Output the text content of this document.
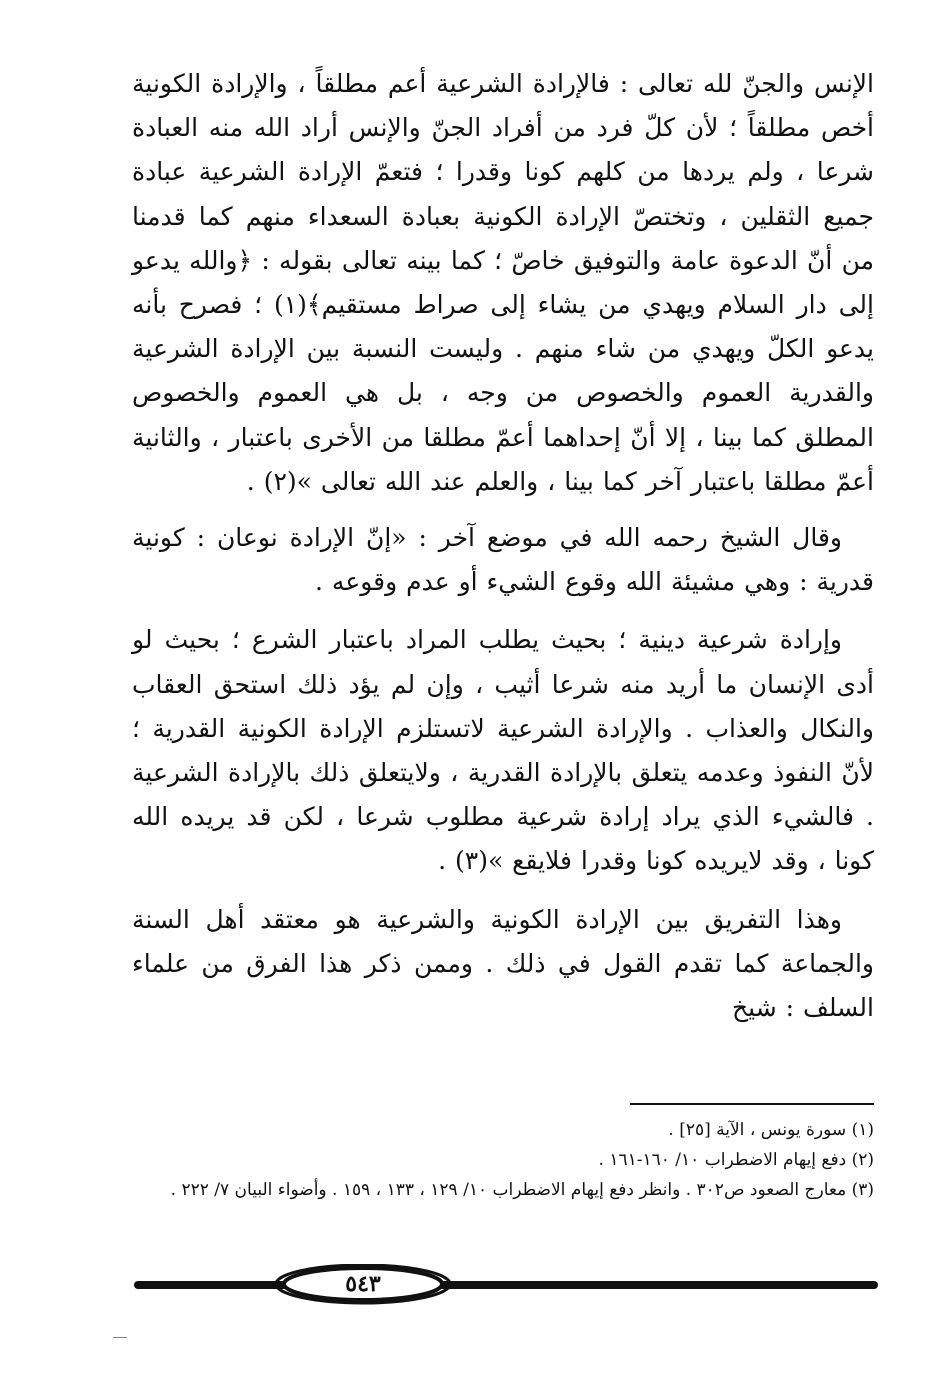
الإنس والجنّ لله تعالى : فالإرادة الشرعية أعم مطلقاً ، والإرادة الكونية أخص مطلقاً ؛ لأن كلّ فرد من أفراد الجنّ والإنس أراد الله منه العبادة شرعا ، ولم يردها من كلهم كونا وقدرا ؛ فتعمّ الإرادة الشرعية عبادة جميع الثقلين ، وتختصّ الإرادة الكونية بعبادة السعداء منهم كما قدمنا من أنّ الدعوة عامة والتوفيق خاصّ ؛ كما بينه تعالى بقوله : ﴿والله يدعو إلى دار السلام ويهدي من يشاء إلى صراط مستقيم﴾(١) ؛ فصرح بأنه يدعو الكلّ ويهدي من شاء منهم . وليست النسبة بين الإرادة الشرعية والقدرية العموم والخصوص من وجه ، بل هي العموم والخصوص المطلق كما بينا ، إلا أنّ إحداهما أعمّ مطلقا من الأخرى باعتبار ، والثانية أعمّ مطلقا باعتبار آخر كما بينا ، والعلم عند الله تعالى »(٢) .

وقال الشيخ رحمه الله في موضع آخر : «إنّ الإرادة نوعان : كونية قدرية : وهي مشيئة الله وقوع الشيء أو عدم وقوعه .

وإرادة شرعية دينية ؛ بحيث يطلب المراد باعتبار الشرع ؛ بحيث لو أدى الإنسان ما أريد منه شرعا أثيب ، وإن لم يؤد ذلك استحق العقاب والنكال والعذاب . والإرادة الشرعية لاتستلزم الإرادة الكونية القدرية ؛ لأنّ النفوذ وعدمه يتعلق بالإرادة القدرية ، ولايتعلق ذلك بالإرادة الشرعية . فالشيء الذي يراد إرادة شرعية مطلوب شرعا ، لكن قد يريده الله كونا ، وقد لايريده كونا وقدرا فلايقع »(٣) .

وهذا التفريق بين الإرادة الكونية والشرعية هو معتقد أهل السنة والجماعة كما تقدم القول في ذلك . وممن ذكر هذا الفرق من علماء السلف : شيخ

(١) سورة يونس ، الآية [٢٥] .

(٢) دفع إيهام الاضطراب ١٠/ ١٦٠-١٦١ .

(٣) معارج الصعود ص٣٠٢ . وانظر دفع إيهام الاضطراب ١٠/ ١٢٩ ، ١٣٣ ، ١٥٩ . وأضواء البيان ٧/ ٢٢٢ .

٥٤٣
